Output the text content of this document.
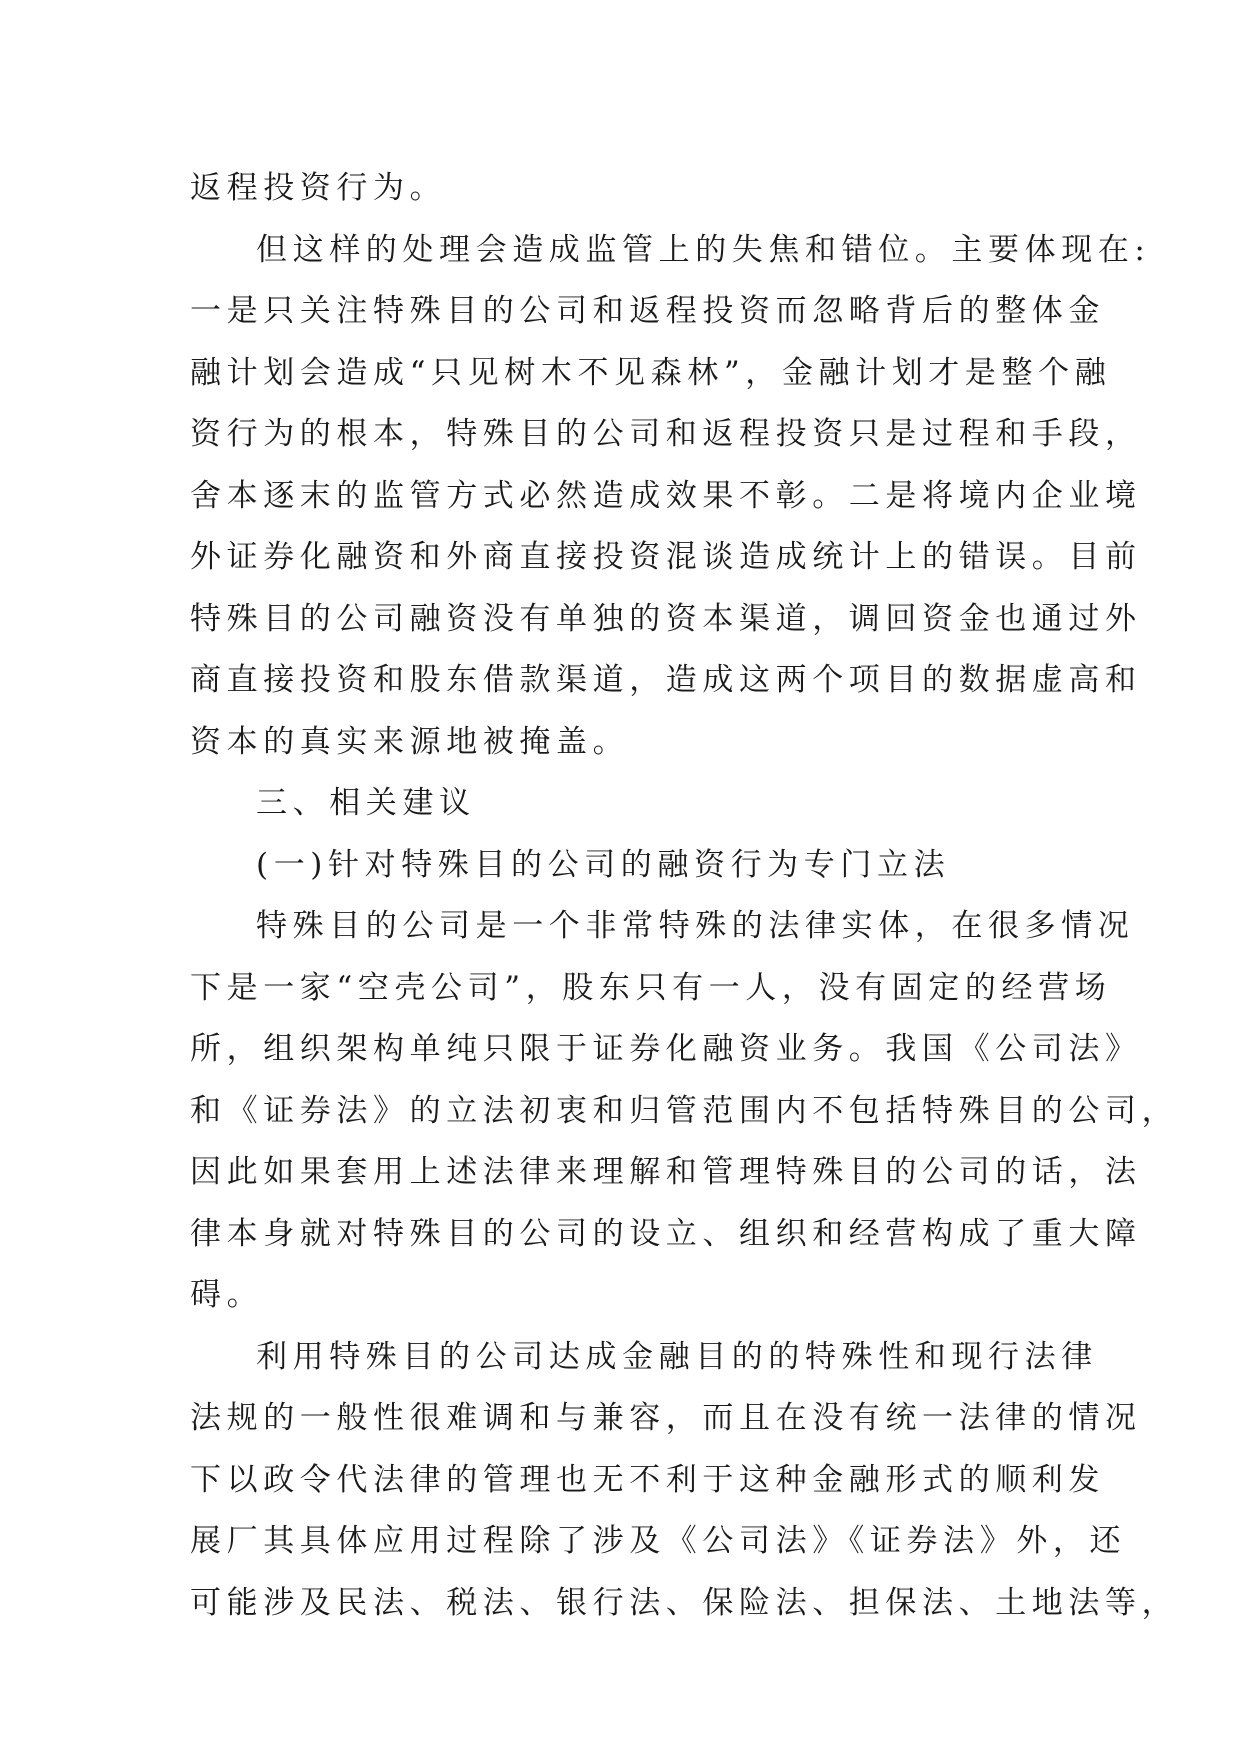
返程投资行为。
但这样的处理会造成监管上的失焦和错位。主要体现在:
一是只关注特殊目的公司和返程投资而忽略背后的整体金
融计划会造成“只见树木不见森林”，金融计划才是整个融
资行为的根本，特殊目的公司和返程投资只是过程和手段，
舍本逐末的监管方式必然造成效果不彰。二是将境内企业境
外证券化融资和外商直接投资混谈造成统计上的错误。目前
特殊目的公司融资没有单独的资本渠道，调回资金也通过外
商直接投资和股东借款渠道，造成这两个项目的数据虚高和
资本的真实来源地被掩盖。
三、相关建议
(一)针对特殊目的公司的融资行为专门立法
特殊目的公司是一个非常特殊的法律实体，在很多情况
下是一家“空壳公司”，股东只有一人，没有固定的经营场
所，组织架构单纯只限于证券化融资业务。我国《公司法》
和《证券法》的立法初衷和归管范围内不包括特殊目的公司，
因此如果套用上述法律来理解和管理特殊目的公司的话，法
律本身就对特殊目的公司的设立、组织和经营构成了重大障
碍。
利用特殊目的公司达成金融目的的特殊性和现行法律
法规的一般性很难调和与兼容，而且在没有统一法律的情况
下以政令代法律的管理也无不利于这种金融形式的顺利发
展厂其具体应用过程除了涉及《公司法》《证券法》外，还
可能涉及民法、税法、银行法、保险法、担保法、土地法等，
